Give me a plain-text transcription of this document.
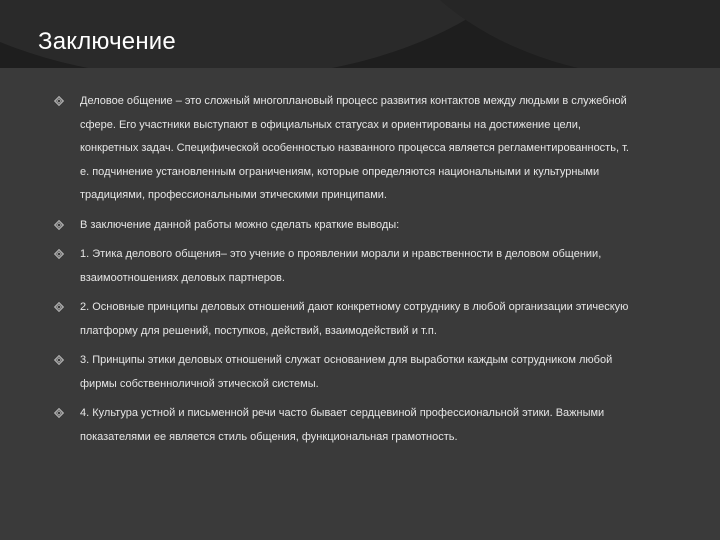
Заключение
Деловое общение – это сложный многоплановый процесс развития контактов между людьми в служебной сфере. Его участники выступают в официальных статусах и ориентированы на достижение цели, конкретных задач. Специфической особенностью названного процесса является регламентированность, т. е. подчинение установленным ограничениям, которые определяются национальными и культурными традициями, профессиональными этическими принципами.
В заключение данной работы можно сделать краткие выводы:
1. Этика делового общения– это учение о проявлении морали и нравственности в деловом общении, взаимоотношениях деловых партнеров.
2. Основные принципы деловых отношений дают конкретному сотруднику в любой организации этическую платформу для решений, поступков, действий, взаимодействий и т.п.
3. Принципы этики деловых отношений служат основанием для выработки каждым сотрудником любой фирмы собственноличной этической системы.
4. Культура устной и письменной речи часто бывает сердцевиной профессиональной этики. Важными показателями ее является стиль общения, функциональная грамотность.
